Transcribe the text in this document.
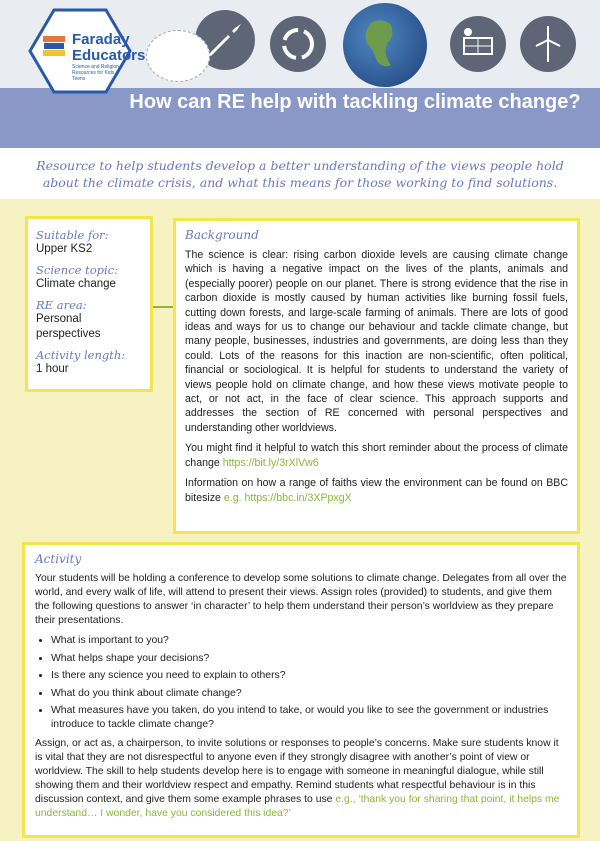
Faraday
Educators
Science and Religion Resources for Kids & Teens
How can RE help with tackling climate change?
Resource to help students develop a better understanding of the views people hold about the climate crisis, and what this means for those working to find solutions.
Suitable for:
Upper KS2
Science topic:
Climate change
RE area:
Personal perspectives
Activity length:
1 hour
Background

The science is clear: rising carbon dioxide levels are causing climate change which is having a negative impact on the lives of the plants, animals and (especially poorer) people on our planet. There is strong evidence that the rise in carbon dioxide is mostly caused by human activities like burning fossil fuels, cutting down forests, and large-scale farming of animals. There are lots of good ideas and ways for us to change our behaviour and tackle climate change, but many people, businesses, industries and governments, are doing less than they could. Lots of the reasons for this inaction are non-scientific, often political, financial or sociological. It is helpful for students to understand the variety of views people hold on climate change, and how these views motivate people to act, or not act, in the face of clear science. This approach supports and addresses the section of RE concerned with personal perspectives and understanding other worldviews.

You might find it helpful to watch this short reminder about the process of climate change https://bit.ly/3rXlVw6

Information on how a range of faiths view the environment can be found on BBC bitesize e.g. https://bbc.in/3XPpxgX

Activity

Your students will be holding a conference to develop some solutions to climate change. Delegates from all over the world, and every walk of life, will attend to present their views. Assign roles (provided) to students, and give them the following questions to answer ‘in character’ to help them understand their person’s worldview as they prepare their presentations.

• What is important to you?
• What helps shape your decisions?
• Is there any science you need to explain to others?
• What do you think about climate change?
• What measures have you taken, do you intend to take, or would you like to see the government or industries introduce to tackle climate change?

Assign, or act as, a chairperson, to invite solutions or responses to people’s concerns. Make sure students know it is vital that they are not disrespectful to anyone even if they strongly disagree with another’s point of view or worldview. The skill to help students develop here is to engage with someone in meaningful dialogue, while still showing them and their worldview respect and empathy. Remind students what respectful behaviour is in this discussion context, and give them some example phrases to use e.g., ‘thank you for sharing that point, it helps me understand… I wonder, have you considered this idea?’
